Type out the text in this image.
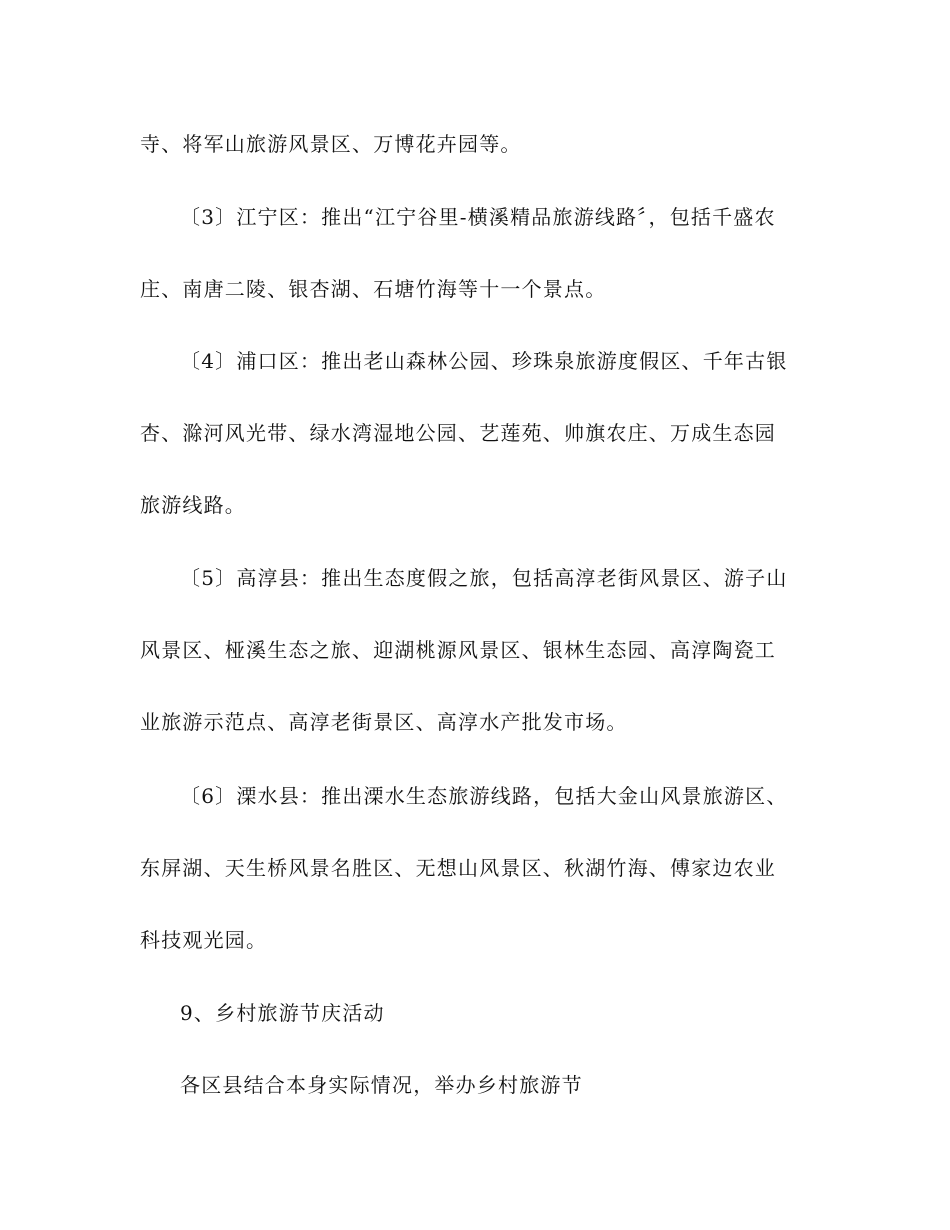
寺、将军山旅游风景区、万博花卉园等。
〔3〕江宁区：推出“江宁谷里-横溪精品旅游线路〞，包括千盛农
庄、南唐二陵、银杏湖、石塘竹海等十一个景点。
〔4〕浦口区：推出老山森林公园、珍珠泉旅游度假区、千年古银
杏、滁河风光带、绿水湾湿地公园、艺莲苑、帅旗农庄、万成生态园
旅游线路。
〔5〕高淳县：推出生态度假之旅，包括高淳老街风景区、游子山
风景区、桠溪生态之旅、迎湖桃源风景区、银林生态园、高淳陶瓷工
业旅游示范点、高淳老街景区、高淳水产批发市场。
〔6〕溧水县：推出溧水生态旅游线路，包括大金山风景旅游区、
东屏湖、天生桥风景名胜区、无想山风景区、秋湖竹海、傅家边农业
科技观光园。
9、乡村旅游节庆活动
各区县结合本身实际情况，举办乡村旅游节
